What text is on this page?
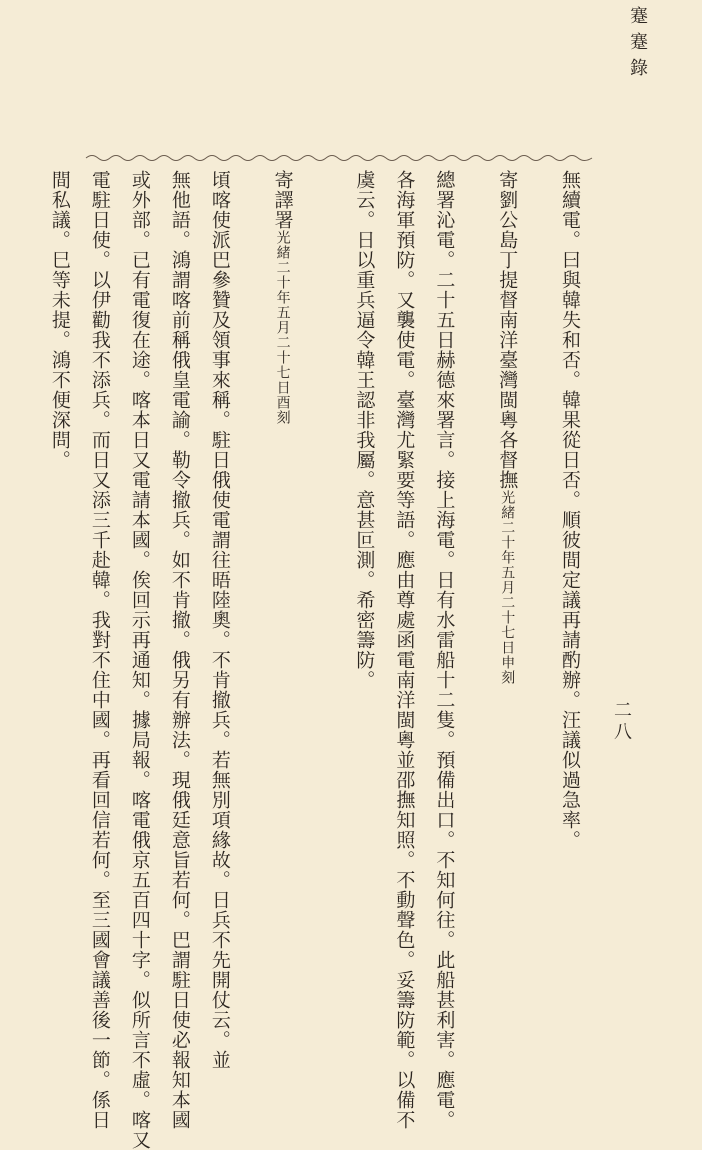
蹇蹇錄
二八
無續電。曰與韓失和否。韓果從日否。順彼間定議再請酌辦。汪議似過急率。
寄劉公島丁提督南洋臺灣閩粵各督撫光緒二十年五月二十七日申刻
總署沁電。二十五日赫德來署言。接上海電。日有水雷船十二隻。預備出口。不知何往。此船甚利害。應電。
各海軍預防。又襲使電。臺灣尤緊要等語。應由尊處函電南洋閩粵並邵撫知照。不動聲色。妥籌防範。以備不
虞云。日以重兵逼令韓王認非我屬。意甚叵測。希密籌防。
寄譯署光緒二十年五月二十七日酉刻
頃喀使派巴參贊及領事來稱。駐日俄使電謂往晤陸奧。不肯撤兵。若無別項緣故。日兵不先開仗云。並
無他語。鴻謂喀前稱俄皇電諭。勒令撤兵。如不肯撤。俄另有辦法。現俄廷意旨若何。巴謂駐日使必報知本國
或外部。已有電復在途。喀本日又電請本國。俟回示再通知。據局報。喀電俄京五百四十字。似所言不虛。喀又
電駐日使。以伊勸我不添兵。而日又添三千赴韓。我對不住中國。再看回信若何。至三國會議善後一節。係日
間私議。巳等未提。鴻不便深問。
